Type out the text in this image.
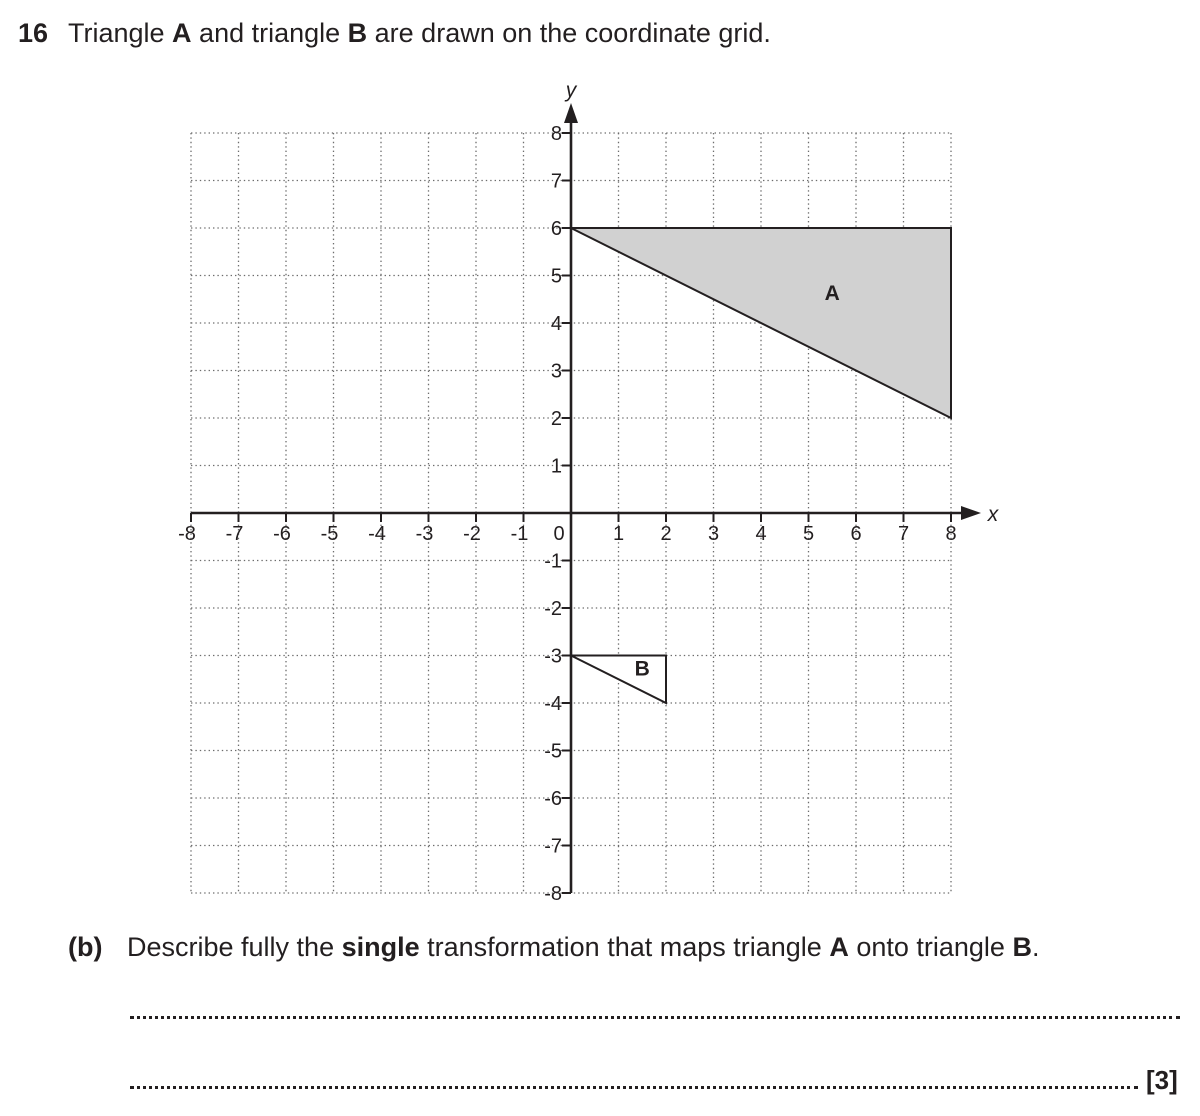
16 Triangle A and triangle B are drawn on the coordinate grid.
A
B
x
y
-8 -7 -6 -5 -4 -3 -2 -1	1 2 3 4 5 6 7 8
8
7
6
5
4
3
2
1
-1
-2
-3
-4
-5
-6
-7
-8
0
(b) Describe fully the single transformation that maps triangle A onto triangle B.
[3]
